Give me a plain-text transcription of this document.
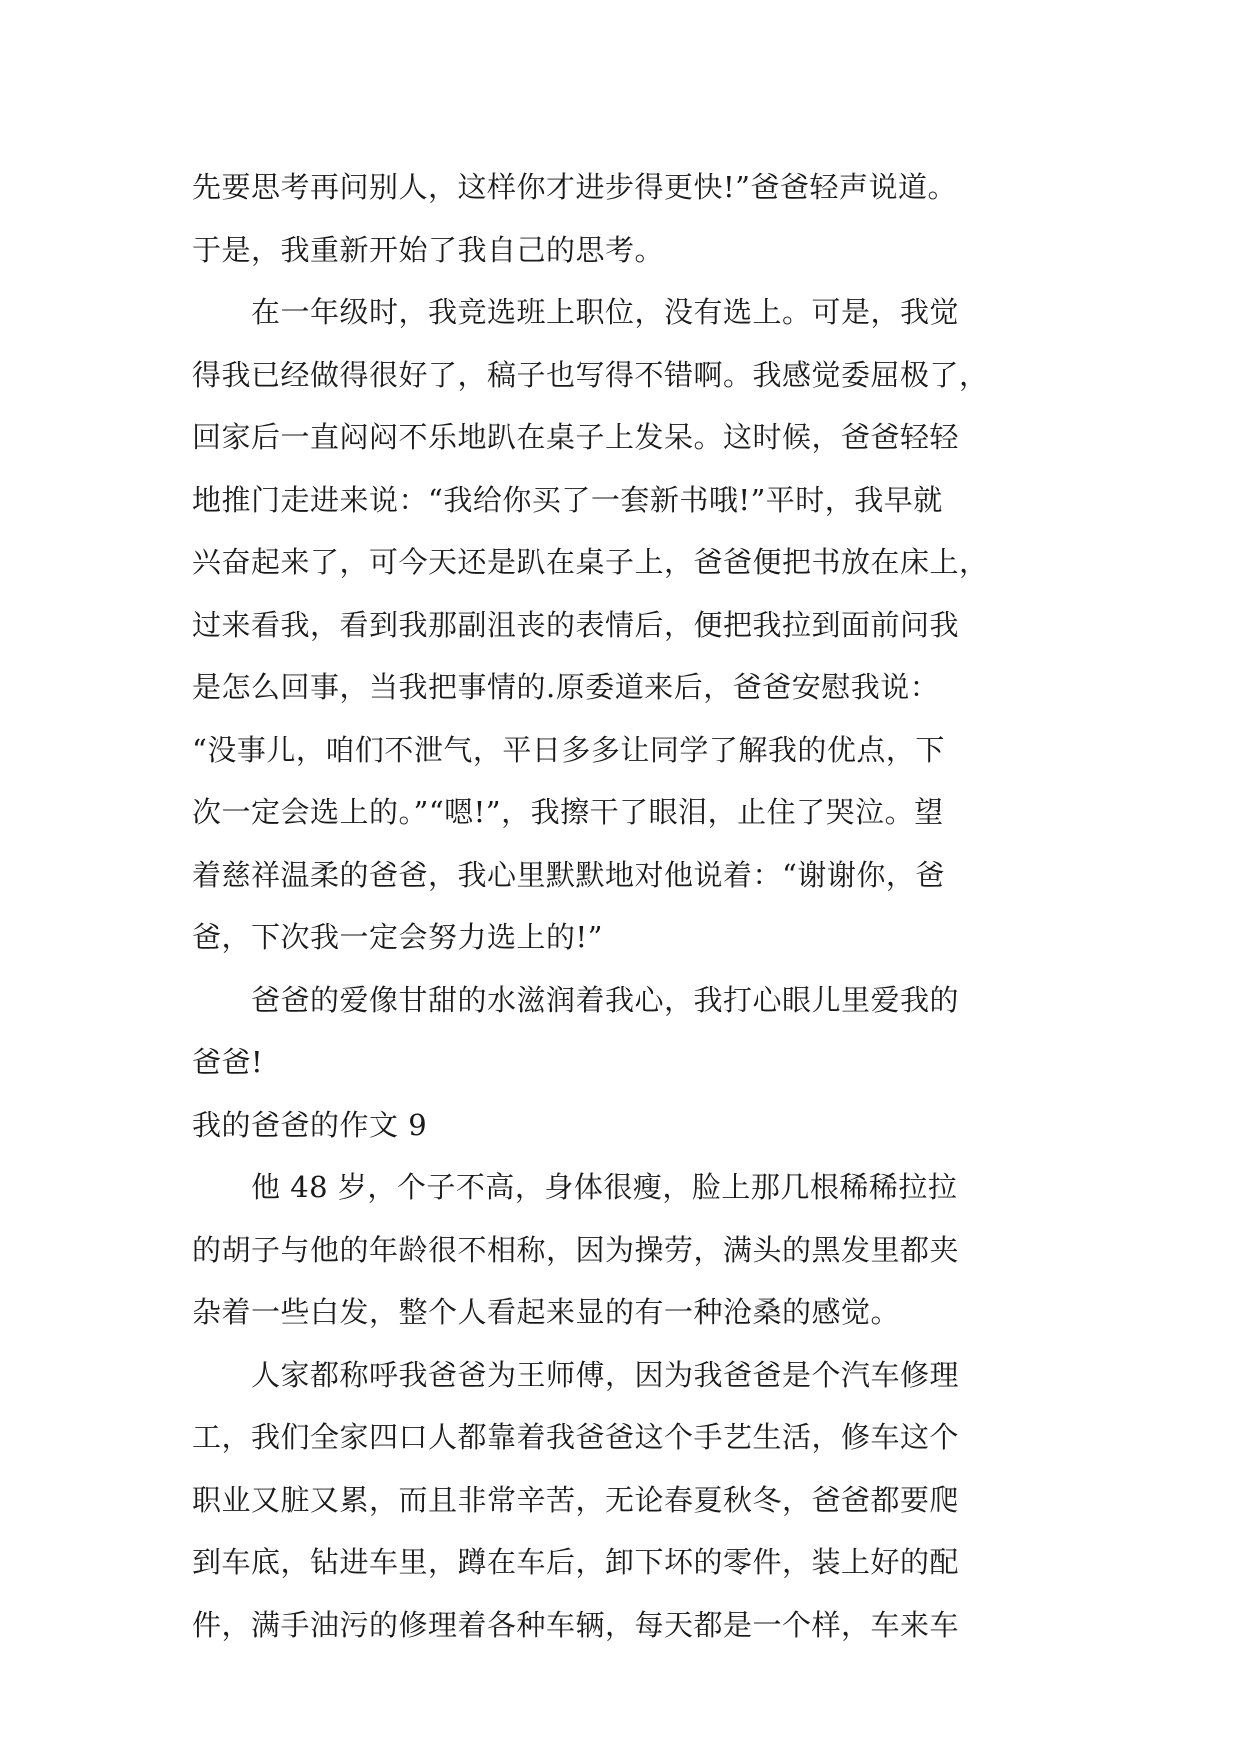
先要思考再问别人，这样你才进步得更快!”爸爸轻声说道。
于是，我重新开始了我自己的思考。
　　在一年级时，我竞选班上职位，没有选上。可是，我觉
得我已经做得很好了，稿子也写得不错啊。我感觉委屈极了，
回家后一直闷闷不乐地趴在桌子上发呆。这时候，爸爸轻轻
地推门走进来说：“我给你买了一套新书哦!”平时，我早就
兴奋起来了，可今天还是趴在桌子上，爸爸便把书放在床上，
过来看我，看到我那副沮丧的表情后，便把我拉到面前问我
是怎么回事，当我把事情的.原委道来后，爸爸安慰我说：
“没事儿，咱们不泄气，平日多多让同学了解我的优点，下
次一定会选上的。”“嗯!”，我擦干了眼泪，止住了哭泣。望
着慈祥温柔的爸爸，我心里默默地对他说着：“谢谢你，爸
爸，下次我一定会努力选上的!”
　　爸爸的爱像甘甜的水滋润着我心，我打心眼儿里爱我的
爸爸!
我的爸爸的作文 9
　　他 48 岁，个子不高，身体很瘦，脸上那几根稀稀拉拉
的胡子与他的年龄很不相称，因为操劳，满头的黑发里都夹
杂着一些白发，整个人看起来显的有一种沧桑的感觉。
　　人家都称呼我爸爸为王师傅，因为我爸爸是个汽车修理
工，我们全家四口人都靠着我爸爸这个手艺生活，修车这个
职业又脏又累，而且非常辛苦，无论春夏秋冬，爸爸都要爬
到车底，钻进车里，蹲在车后，卸下坏的零件，装上好的配
件，满手油污的修理着各种车辆，每天都是一个样，车来车
